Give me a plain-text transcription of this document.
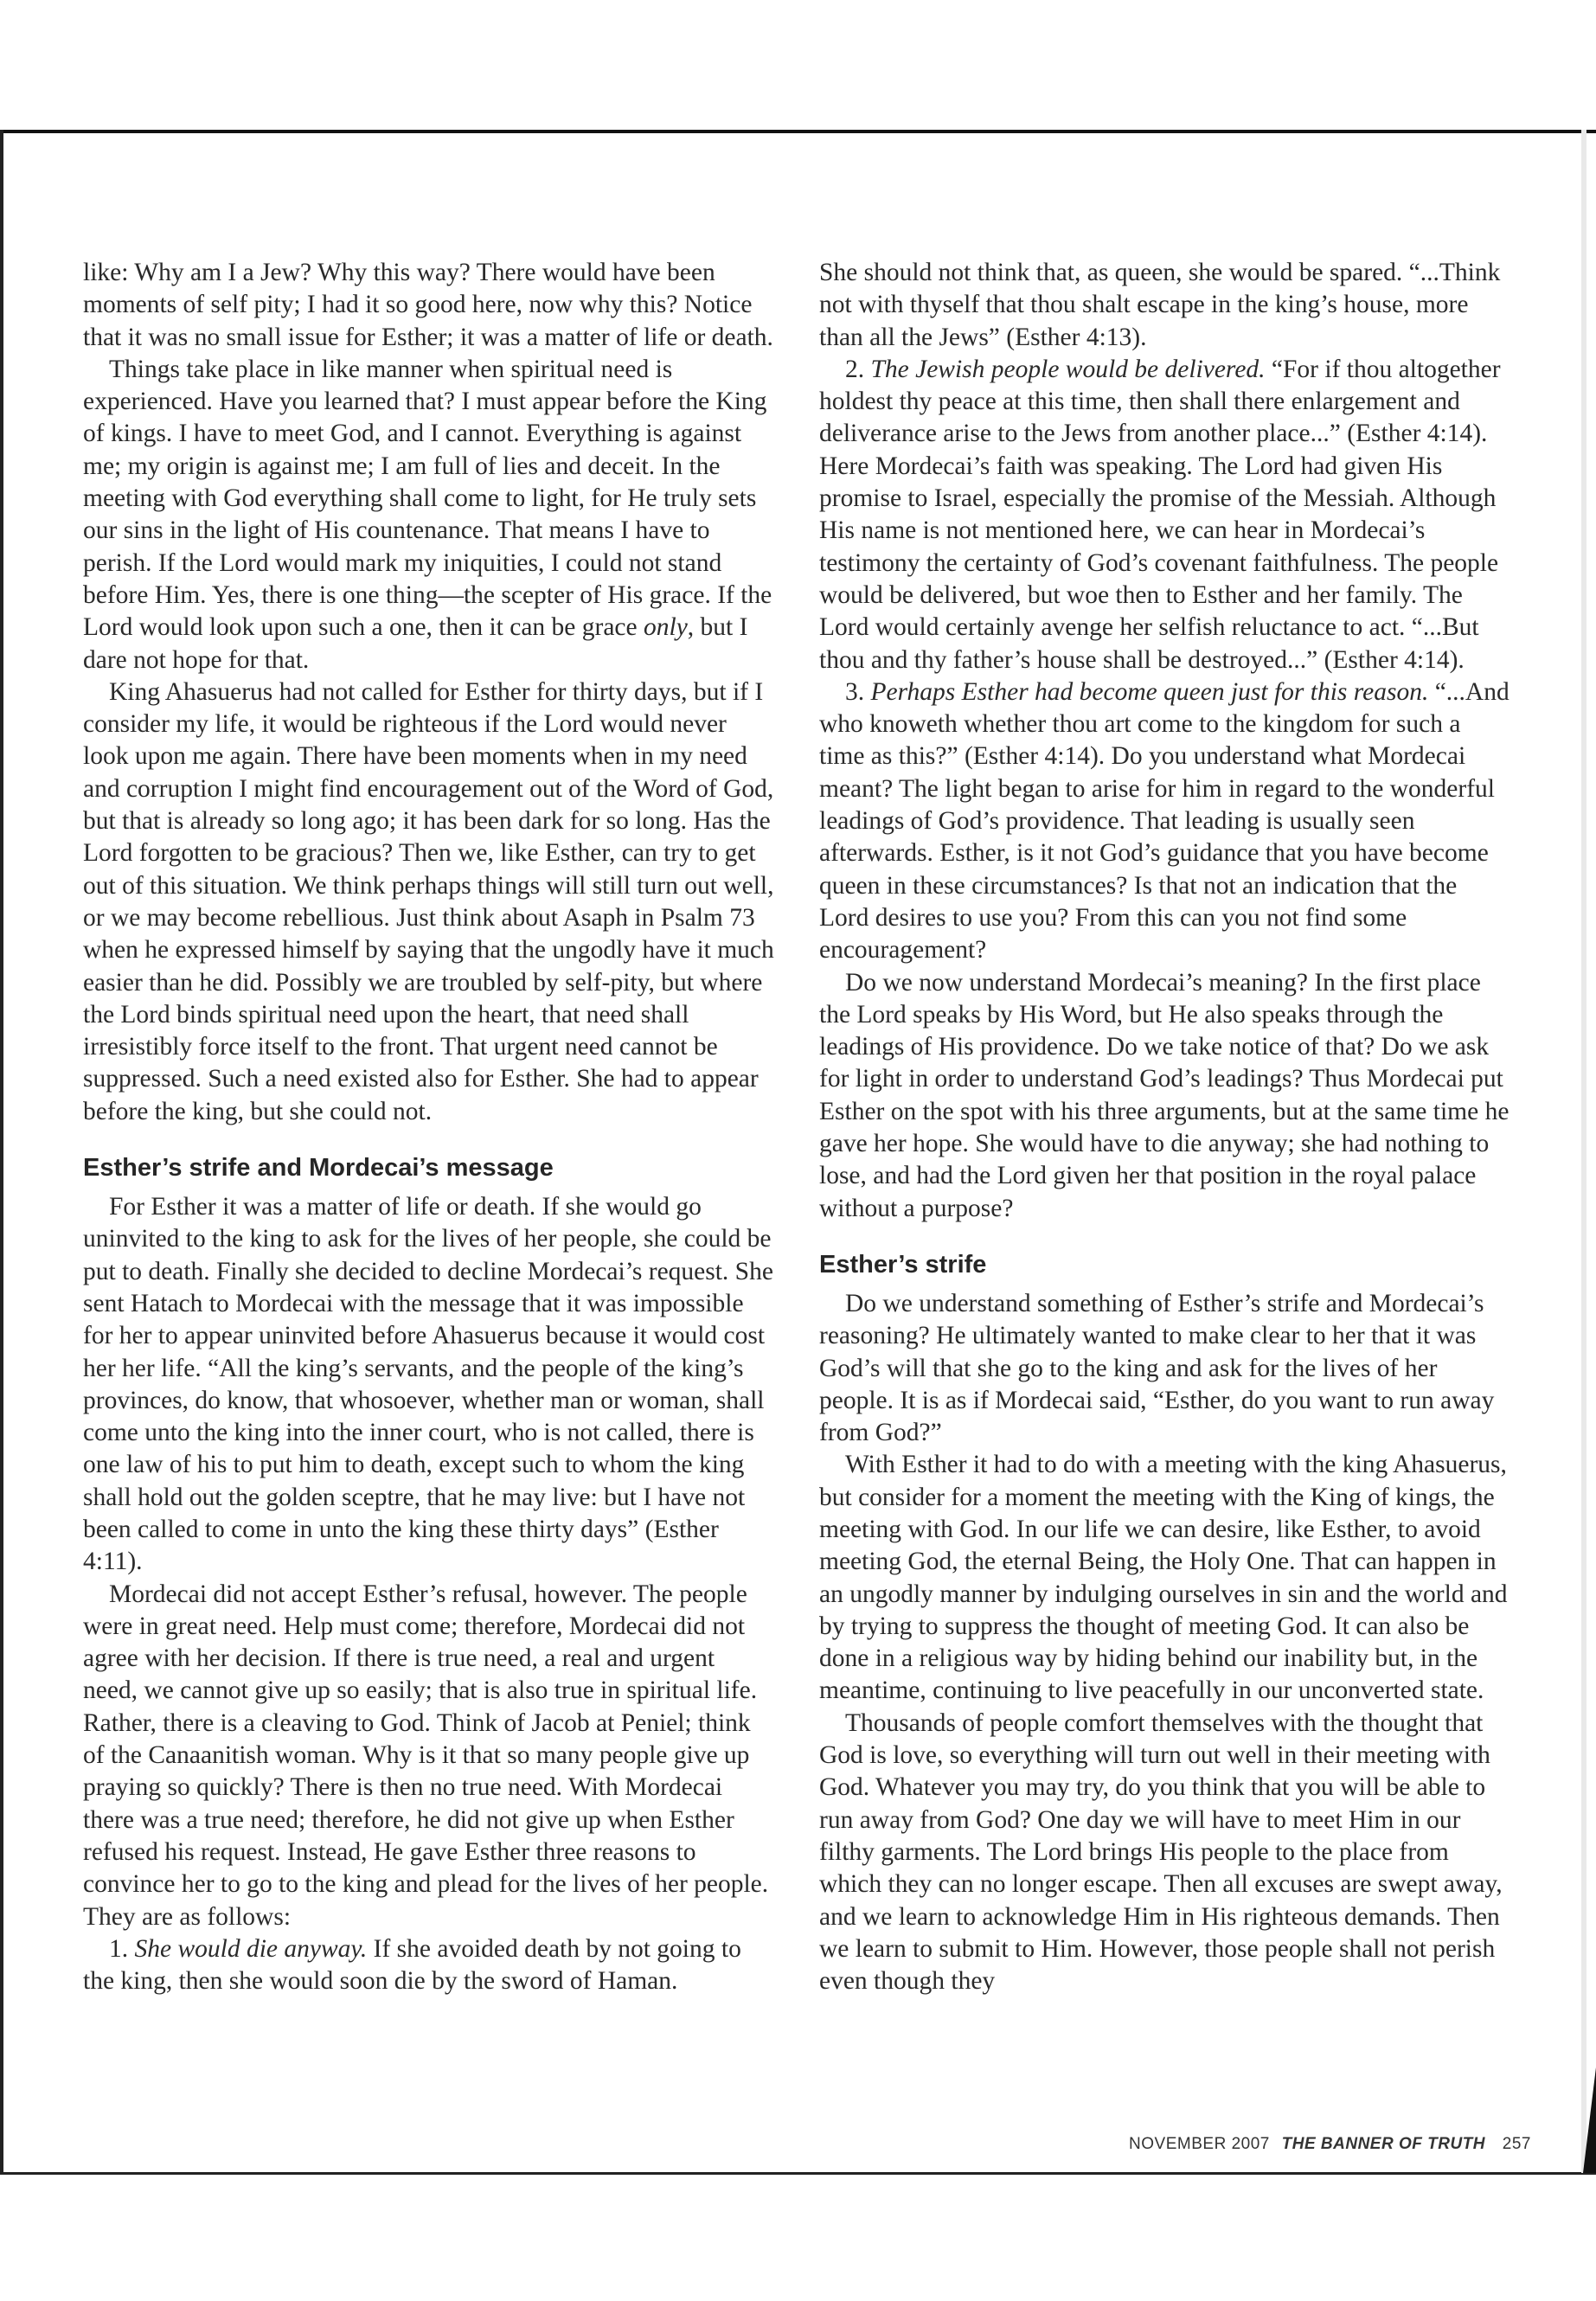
like: Why am I a Jew? Why this way? There would have been moments of self pity; I had it so good here, now why this? Notice that it was no small issue for Esther; it was a matter of life or death.

Things take place in like manner when spiritual need is experienced. Have you learned that? I must appear before the King of kings. I have to meet God, and I cannot. Everything is against me; my origin is against me; I am full of lies and deceit. In the meeting with God everything shall come to light, for He truly sets our sins in the light of His countenance. That means I have to perish. If the Lord would mark my iniquities, I could not stand before Him. Yes, there is one thing—the scepter of His grace. If the Lord would look upon such a one, then it can be grace only, but I dare not hope for that.

King Ahasuerus had not called for Esther for thirty days, but if I consider my life, it would be righteous if the Lord would never look upon me again. There have been moments when in my need and corruption I might find encouragement out of the Word of God, but that is already so long ago; it has been dark for so long. Has the Lord forgotten to be gracious? Then we, like Esther, can try to get out of this situation. We think perhaps things will still turn out well, or we may become rebellious. Just think about Asaph in Psalm 73 when he expressed himself by saying that the ungodly have it much easier than he did. Possibly we are troubled by self-pity, but where the Lord binds spiritual need upon the heart, that need shall irresistibly force itself to the front. That urgent need cannot be suppressed. Such a need existed also for Esther. She had to appear before the king, but she could not.

Esther’s strife and Mordecai’s message

For Esther it was a matter of life or death. If she would go uninvited to the king to ask for the lives of her people, she could be put to death. Finally she decided to decline Mordecai’s request. She sent Hatach to Mordecai with the message that it was impossible for her to appear uninvited before Ahasuerus because it would cost her her life. “All the king’s servants, and the people of the king’s provinces, do know, that whosoever, whether man or woman, shall come unto the king into the inner court, who is not called, there is one law of his to put him to death, except such to whom the king shall hold out the golden sceptre, that he may live: but I have not been called to come in unto the king these thirty days” (Esther 4:11).

Mordecai did not accept Esther’s refusal, however. The people were in great need. Help must come; therefore, Mordecai did not agree with her decision. If there is true need, a real and urgent need, we cannot give up so easily; that is also true in spiritual life. Rather, there is a cleaving to God. Think of Jacob at Peniel; think of the Canaanitish woman. Why is it that so many people give up praying so quickly? There is then no true need. With Mordecai there was a true need; therefore, he did not give up when Esther refused his request. Instead, He gave Esther three reasons to convince her to go to the king and plead for the lives of her people. They are as follows:

1. She would die anyway. If she avoided death by not going to the king, then she would soon die by the sword of Haman.

She should not think that, as queen, she would be spared. “...Think not with thyself that thou shalt escape in the king’s house, more than all the Jews” (Esther 4:13).

2. The Jewish people would be delivered. “For if thou altogether holdest thy peace at this time, then shall there enlargement and deliverance arise to the Jews from another place...” (Esther 4:14). Here Mordecai’s faith was speaking. The Lord had given His promise to Israel, especially the promise of the Messiah. Although His name is not mentioned here, we can hear in Mordecai’s testimony the certainty of God’s covenant faithfulness. The people would be delivered, but woe then to Esther and her family. The Lord would certainly avenge her selfish reluctance to act. “...But thou and thy father’s house shall be destroyed...” (Esther 4:14).

3. Perhaps Esther had become queen just for this reason. “...And who knoweth whether thou art come to the kingdom for such a time as this?” (Esther 4:14). Do you understand what Mordecai meant? The light began to arise for him in regard to the wonderful leadings of God’s providence. That leading is usually seen afterwards. Esther, is it not God’s guidance that you have become queen in these circumstances? Is that not an indication that the Lord desires to use you? From this can you not find some encouragement?

Do we now understand Mordecai’s meaning? In the first place the Lord speaks by His Word, but He also speaks through the leadings of His providence. Do we take notice of that? Do we ask for light in order to understand God’s leadings? Thus Mordecai put Esther on the spot with his three arguments, but at the same time he gave her hope. She would have to die anyway; she had nothing to lose, and had the Lord given her that position in the royal palace without a purpose?

Esther’s strife

Do we understand something of Esther’s strife and Mordecai’s reasoning? He ultimately wanted to make clear to her that it was God’s will that she go to the king and ask for the lives of her people. It is as if Mordecai said, “Esther, do you want to run away from God?”

With Esther it had to do with a meeting with the king Ahasuerus, but consider for a moment the meeting with the King of kings, the meeting with God. In our life we can desire, like Esther, to avoid meeting God, the eternal Being, the Holy One. That can happen in an ungodly manner by indulging ourselves in sin and the world and by trying to suppress the thought of meeting God. It can also be done in a religious way by hiding behind our inability but, in the meantime, continuing to live peacefully in our unconverted state.

Thousands of people comfort themselves with the thought that God is love, so everything will turn out well in their meeting with God. Whatever you may try, do you think that you will be able to run away from God? One day we will have to meet Him in our filthy garments. The Lord brings His people to the place from which they can no longer escape. Then all excuses are swept away, and we learn to acknowledge Him in His righteous demands. Then we learn to submit to Him. However, those people shall not perish even though they

NOVEMBER 2007 THE BANNER OF TRUTH 257
